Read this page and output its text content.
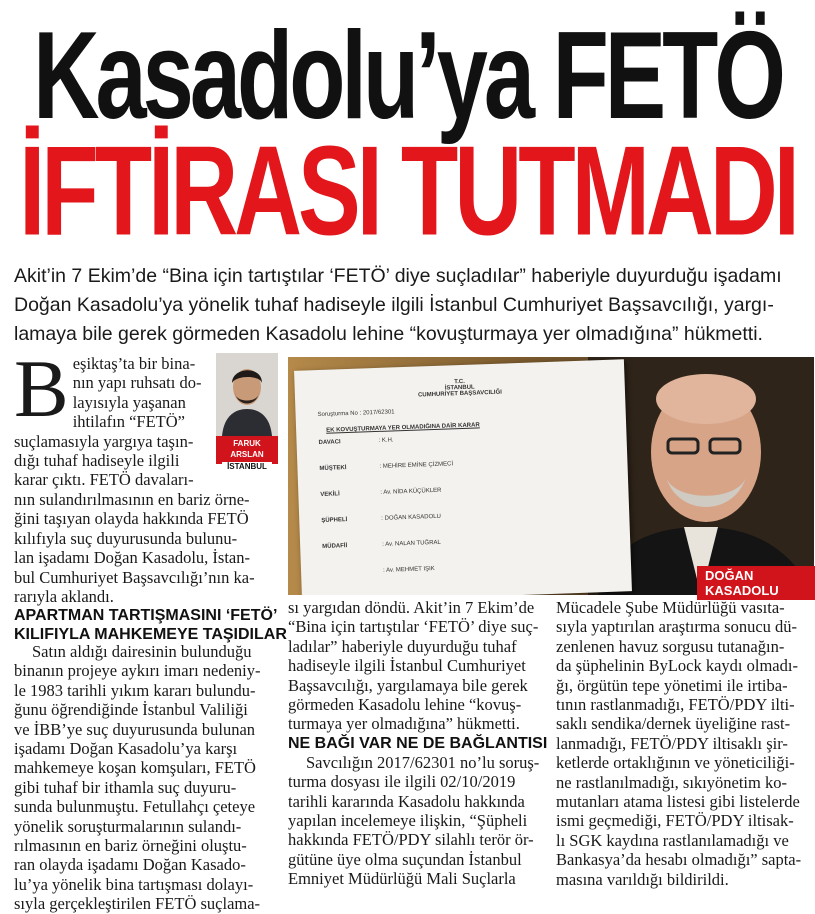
Kasadolu’ya FETÖ
İFTİRASI TUTMADI

Akit’in 7 Ekim’de “Bina için tartıştılar ‘FETÖ’ diye suçladılar” haberiyle duyurduğu işadamı

Doğan Kasadolu’ya yönelik tuhaf hadiseyle ilgili İstanbul Cumhuriyet Başsavcılığı, yargı-

lamaya bile gerek görmeden Kasadolu lehine “kovuşturmaya yer olmadığına” hükmetti.

B eşiktaş’ta bir bina-

nın yapı ruhsatı do-

layısıyla yaşanan

ihtilafın “FETÖ”

suçlamasıyla yargıya taşın-

dığı tuhaf hadiseyle ilgili

karar çıktı. FETÖ davaları-

nın sulandırılmasının en bariz örne-

ğini taşıyan olayda hakkında FETÖ

kılıfıyla suç duyurusunda bulunu-

lan işadamı Doğan Kasadolu, İstan-

bul Cumhuriyet Başsavcılığı’nın ka-

rarıyla aklandı.

APARTMAN TARTIŞMASINI ‘FETÖ’

KILIFIYLA MAHKEMEYE TAŞIDILAR

Satın aldığı dairesinin bulunduğu

binanın projeye aykırı imarı nedeniy-

le 1983 tarihli yıkım kararı bulundu-

ğunu öğrendiğinde İstanbul Valiliği

ve İBB’ye suç duyurusunda bulunan

işadamı Doğan Kasadolu’ya karşı

mahkemeye koşan komşuları, FETÖ

gibi tuhaf bir ithamla suç duyuru-

sunda bulunmuştu. Fetullahçı çeteye

yönelik soruşturmalarının sulandı-

rılmasının en bariz örneğini oluştu-

ran olayda işadamı Doğan Kasado-

lu’ya yönelik bina tartışması dolayı-

sıyla gerçekleştirilen FETÖ suçlama-

FARUK ARSLAN
İSTANBUL
T.C.
İSTANBUL
CUMHURİYET BAŞSAVCILIĞI
Soruşturma No : 2017/62301
EK KOVUŞTURMAYA YER OLMADIĞINA DAİR KARAR
DAVACI	: K.H.
MÜŞTEKİ	: MEHİRE EMİNE ÇİZMECİ
VEKİLİ	: Av. NİDA KÜÇÜKLER
ŞÜPHELİ	: DOĞAN KASADOLU
MÜDAFİİ	: Av. NALAN TUĞRAL
: Av. MEHMET IŞIK	DOĞAN KASADOLU

sı yargıdan döndü. Akit’in 7 Ekim’de

“Bina için tartıştılar ‘FETÖ’ diye suç-

ladılar” haberiyle duyurduğu tuhaf

hadiseyle ilgili İstanbul Cumhuriyet

Başsavcılığı, yargılamaya bile gerek

görmeden Kasadolu lehine “kovuş-

turmaya yer olmadığına” hükmetti.

NE BAĞI VAR NE DE BAĞLANTISI

Savcılığın 2017/62301 no’lu soruş-

turma dosyası ile ilgili 02/10/2019

tarihli kararında Kasadolu hakkında

yapılan incelemeye ilişkin, “Şüpheli

hakkında FETÖ/PDY silahlı terör ör-

gütüne üye olma suçundan İstanbul

Emniyet Müdürlüğü Mali Suçlarla

Mücadele Şube Müdürlüğü vasıta-

sıyla yaptırılan araştırma sonucu dü-

zenlenen havuz sorgusu tutanağın-

da şüphelinin ByLock kaydı olmadı-

ğı, örgütün tepe yönetimi ile irtiba-

tının rastlanmadığı, FETÖ/PDY ilti-

saklı sendika/dernek üyeliğine rast-

lanmadığı, FETÖ/PDY iltisaklı şir-

ketlerde ortaklığının ve yöneticiliği-

ne rastlanılmadığı, sıkıyönetim ko-

mutanları atama listesi gibi listelerde

ismi geçmediği, FETÖ/PDY iltisak-

lı SGK kaydına rastlanılamadığı ve

Bankasya’da hesabı olmadığı” sapta-

masına varıldığı bildirildi.
